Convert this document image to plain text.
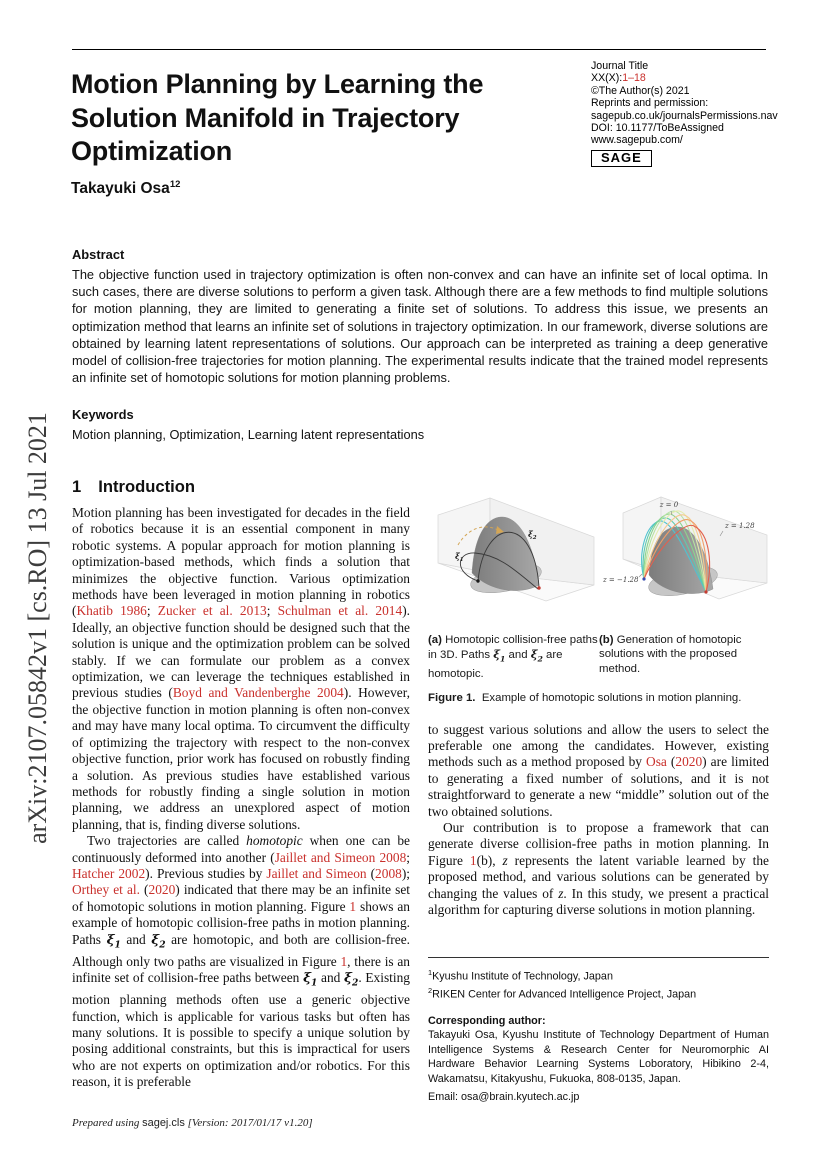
arXiv:2107.05842v1 [cs.RO] 13 Jul 2021
Journal Title
XX(X):1–18
©The Author(s) 2021
Reprints and permission:
sagepub.co.uk/journalsPermissions.nav
DOI: 10.1177/ToBeAssigned
www.sagepub.com/
SAGE
Motion Planning by Learning the Solution Manifold in Trajectory Optimization
Takayuki Osa$^{12}$
Abstract
The objective function used in trajectory optimization is often non-convex and can have an infinite set of local optima. In such cases, there are diverse solutions to perform a given task. Although there are a few methods to find multiple solutions for motion planning, they are limited to generating a finite set of solutions. To address this issue, we presents an optimization method that learns an infinite set of solutions in trajectory optimization. In our framework, diverse solutions are obtained by learning latent representations of solutions. Our approach can be interpreted as training a deep generative model of collision-free trajectories for motion planning. The experimental results indicate that the trained model represents an infinite set of homotopic solutions for motion planning problems.
Keywords
Motion planning, Optimization, Learning latent representations
1 Introduction

Motion planning has been investigated for decades in the field of robotics because it is an essential component in many robotic systems. A popular approach for motion planning is optimization-based methods, which finds a solution that minimizes the objective function. Various optimization methods have been leveraged in motion planning in robotics (Khatib 1986; Zucker et al. 2013; Schulman et al. 2014). Ideally, an objective function should be designed such that the solution is unique and the optimization problem can be solved stably. If we can formulate our problem as a convex optimization, we can leverage the techniques established in previous studies (Boyd and Vandenberghe 2004). However, the objective function in motion planning is often non-convex and may have many local optima. To circumvent the difficulty of optimizing the trajectory with respect to the non-convex objective function, prior work has focused on robustly finding a solution. As previous studies have established various methods for robustly finding a single solution in motion planning, we address an unexplored aspect of motion planning, that is, finding diverse solutions.

Two trajectories are called homotopic when one can be continuously deformed into another (Jaillet and Simeon 2008; Hatcher 2002). Previous studies by Jaillet and Simeon (2008); Orthey et al. (2020) indicated that there may be an infinite set of homotopic solutions in motion planning. Figure 1 shows an example of homotopic collision-free paths in motion planning. Paths $\xi_1$ and $\xi_2$ are homotopic, and both are collision-free. Although only two paths are visualized in Figure 1, there is an infinite set of collision-free paths between $\xi_1$ and $\xi_2$. Existing motion planning methods often use a generic objective function, which is applicable for various tasks but often has many solutions. It is possible to specify a unique solution by posing additional constraints, but this is impractical for users who are not experts on optimization and/or robotics. For this reason, it is preferable

$\xi_1$
$\xi_2$
z = 0
z = 1.28
z = −1.28
(a) Homotopic collision-free paths in 3D. Paths $\xi_1$ and $\xi_2$ are homotopic.
(b) Generation of homotopic solutions with the proposed method.
Figure 1.  Example of homotopic solutions in motion planning.

to suggest various solutions and allow the users to select the preferable one among the candidates. However, existing methods such as a method proposed by Osa (2020) are limited to generating a fixed number of solutions, and it is not straightforward to generate a new “middle” solution out of the two obtained solutions.

Our contribution is to propose a framework that can generate diverse collision-free paths in motion planning. In Figure 1(b), z represents the latent variable learned by the proposed method, and various solutions can be generated by changing the values of z. In this study, we present a practical algorithm for capturing diverse solutions in motion planning.

$^1$Kyushu Institute of Technology, Japan
$^2$RIKEN Center for Advanced Intelligence Project, Japan
Corresponding author:
Takayuki Osa, Kyushu Institute of Technology Department of Human Intelligence Systems & Research Center for Neuromorphic AI Hardware Behavior Learning Systems Loboratory, Hibikino 2-4, Wakamatsu, Kitakyushu, Fukuoka, 808-0135, Japan.
Email: osa@brain.kyutech.ac.jp
Prepared using sagej.cls [Version: 2017/01/17 v1.20]
